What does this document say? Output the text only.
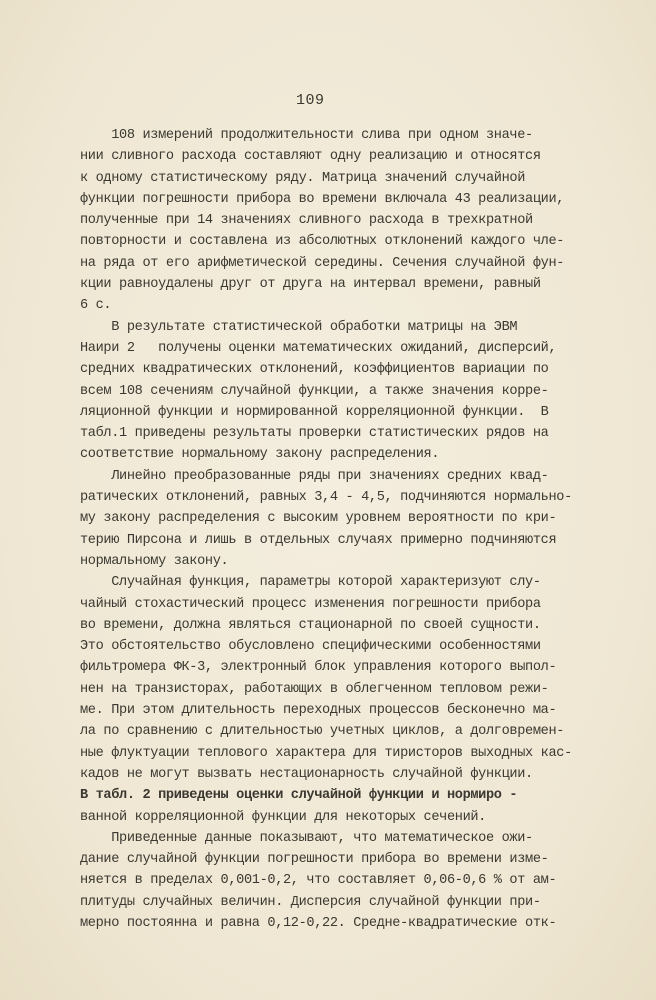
109
108 измерений продолжительности слива при одном значе-
нии сливного расхода составляют одну реализацию и относятся
к одному статистическому ряду. Матрица значений случайной
функции погрешности прибора во времени включала 43 реализации,
полученные при 14 значениях сливного расхода в трехкратной
повторности и составлена из абсолютных отклонений каждого чле-
на ряда от его арифметической середины. Сечения случайной фун-
кции равноудалены друг от друга на интервал времени, равный
6 с.
В результате статистической обработки матрицы на ЭВМ
Наири 2   получены оценки математических ожиданий, дисперсий,
средних квадратических отклонений, коэффициентов вариации по
всем 108 сечениям случайной функции, а также значения корре-
ляционной функции и нормированной корреляционной функции.  В
табл.1 приведены результаты проверки статистических рядов на
соответствие нормальному закону распределения.
Линейно преобразованные ряды при значениях средних квад-
ратических отклонений, равных 3,4 - 4,5, подчиняются нормально-
му закону распределения с высоким уровнем вероятности по кри-
терию Пирсона и лишь в отдельных случаях примерно подчиняются
нормальному закону.
Случайная функция, параметры которой характеризуют слу-
чайный стохастический процесс изменения погрешности прибора
во времени, должна являться стационарной по своей сущности.
Это обстоятельство обусловлено специфическими особенностями
фильтромера ФК-3, электронный блок управления которого выпол-
нен на транзисторах, работающих в облегченном тепловом режи-
ме. При этом длительность переходных процессов бесконечно ма-
ла по сравнению с длительностью учетных циклов, а долговремен-
ные флуктуации теплового характера для тиристоров выходных кас-
кадов не могут вызвать нестационарность случайной функции.
В табл. 2 приведены оценки случайной функции и нормиро -
ванной корреляционной функции для некоторых сечений.
Приведенные данные показывают, что математическое ожи-
дание случайной функции погрешности прибора во времени изме-
няется в пределах 0,001-0,2, что составляет 0,06-0,6 % от ам-
плитуды случайных величин. Дисперсия случайной функции при-
мерно постоянна и равна 0,12-0,22. Средне-квадратические отк-
